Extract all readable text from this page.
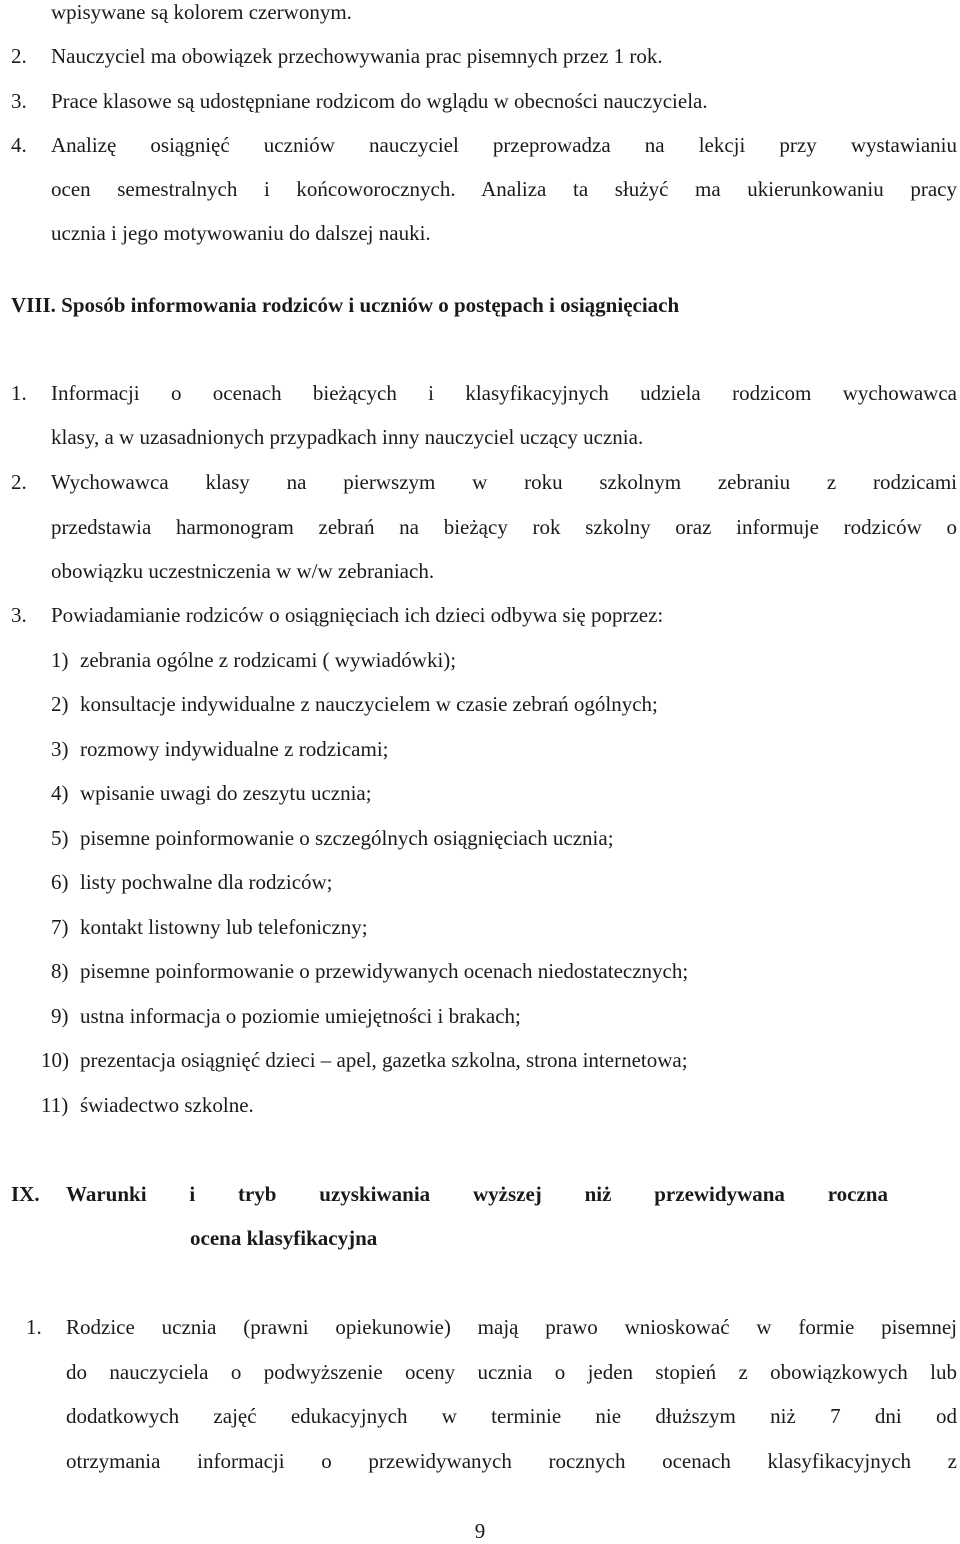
wpisywane są kolorem czerwonym.
2. Nauczyciel ma obowiązek przechowywania prac pisemnych przez 1 rok.
3. Prace klasowe są udostępniane rodzicom do wglądu w obecności nauczyciela.
4. Analizę osiągnięć uczniów nauczyciel przeprowadza na lekcji przy wystawianiu
ocen semestralnych i końcoworocznych. Analiza ta służyć ma ukierunkowaniu pracy
ucznia i jego motywowaniu do dalszej nauki.
VIII. Sposób informowania rodziców i uczniów o postępach i osiągnięciach
1. Informacji o ocenach bieżących i klasyfikacyjnych udziela rodzicom wychowawca
klasy, a w uzasadnionych przypadkach inny nauczyciel uczący ucznia.
2. Wychowawca klasy na pierwszym w roku szkolnym zebraniu z rodzicami
przedstawia harmonogram zebrań na bieżący rok szkolny oraz informuje rodziców o
obowiązku uczestniczenia w w/w zebraniach.
3. Powiadamianie rodziców o osiągnięciach ich dzieci odbywa się poprzez:
1) zebrania ogólne z rodzicami ( wywiadówki);
2) konsultacje indywidualne z nauczycielem w czasie zebrań ogólnych;
3) rozmowy indywidualne z rodzicami;
4) wpisanie uwagi do zeszytu ucznia;
5) pisemne poinformowanie o szczególnych osiągnięciach ucznia;
6) listy pochwalne dla rodziców;
7) kontakt listowny lub telefoniczny;
8) pisemne poinformowanie o przewidywanych ocenach niedostatecznych;
9) ustna informacja o poziomie umiejętności i brakach;
10) prezentacja osiągnięć dzieci – apel, gazetka szkolna, strona internetowa;
11) świadectwo szkolne.
IX. Warunki i tryb uzyskiwania wyższej niż przewidywana roczna
ocena klasyfikacyjna
1. Rodzice ucznia (prawni opiekunowie) mają prawo wnioskować w formie pisemnej
do nauczyciela o podwyższenie oceny ucznia o jeden stopień z obowiązkowych lub
dodatkowych zajęć edukacyjnych w terminie nie dłuższym niż 7 dni od
otrzymania informacji o przewidywanych rocznych ocenach klasyfikacyjnych z
9
